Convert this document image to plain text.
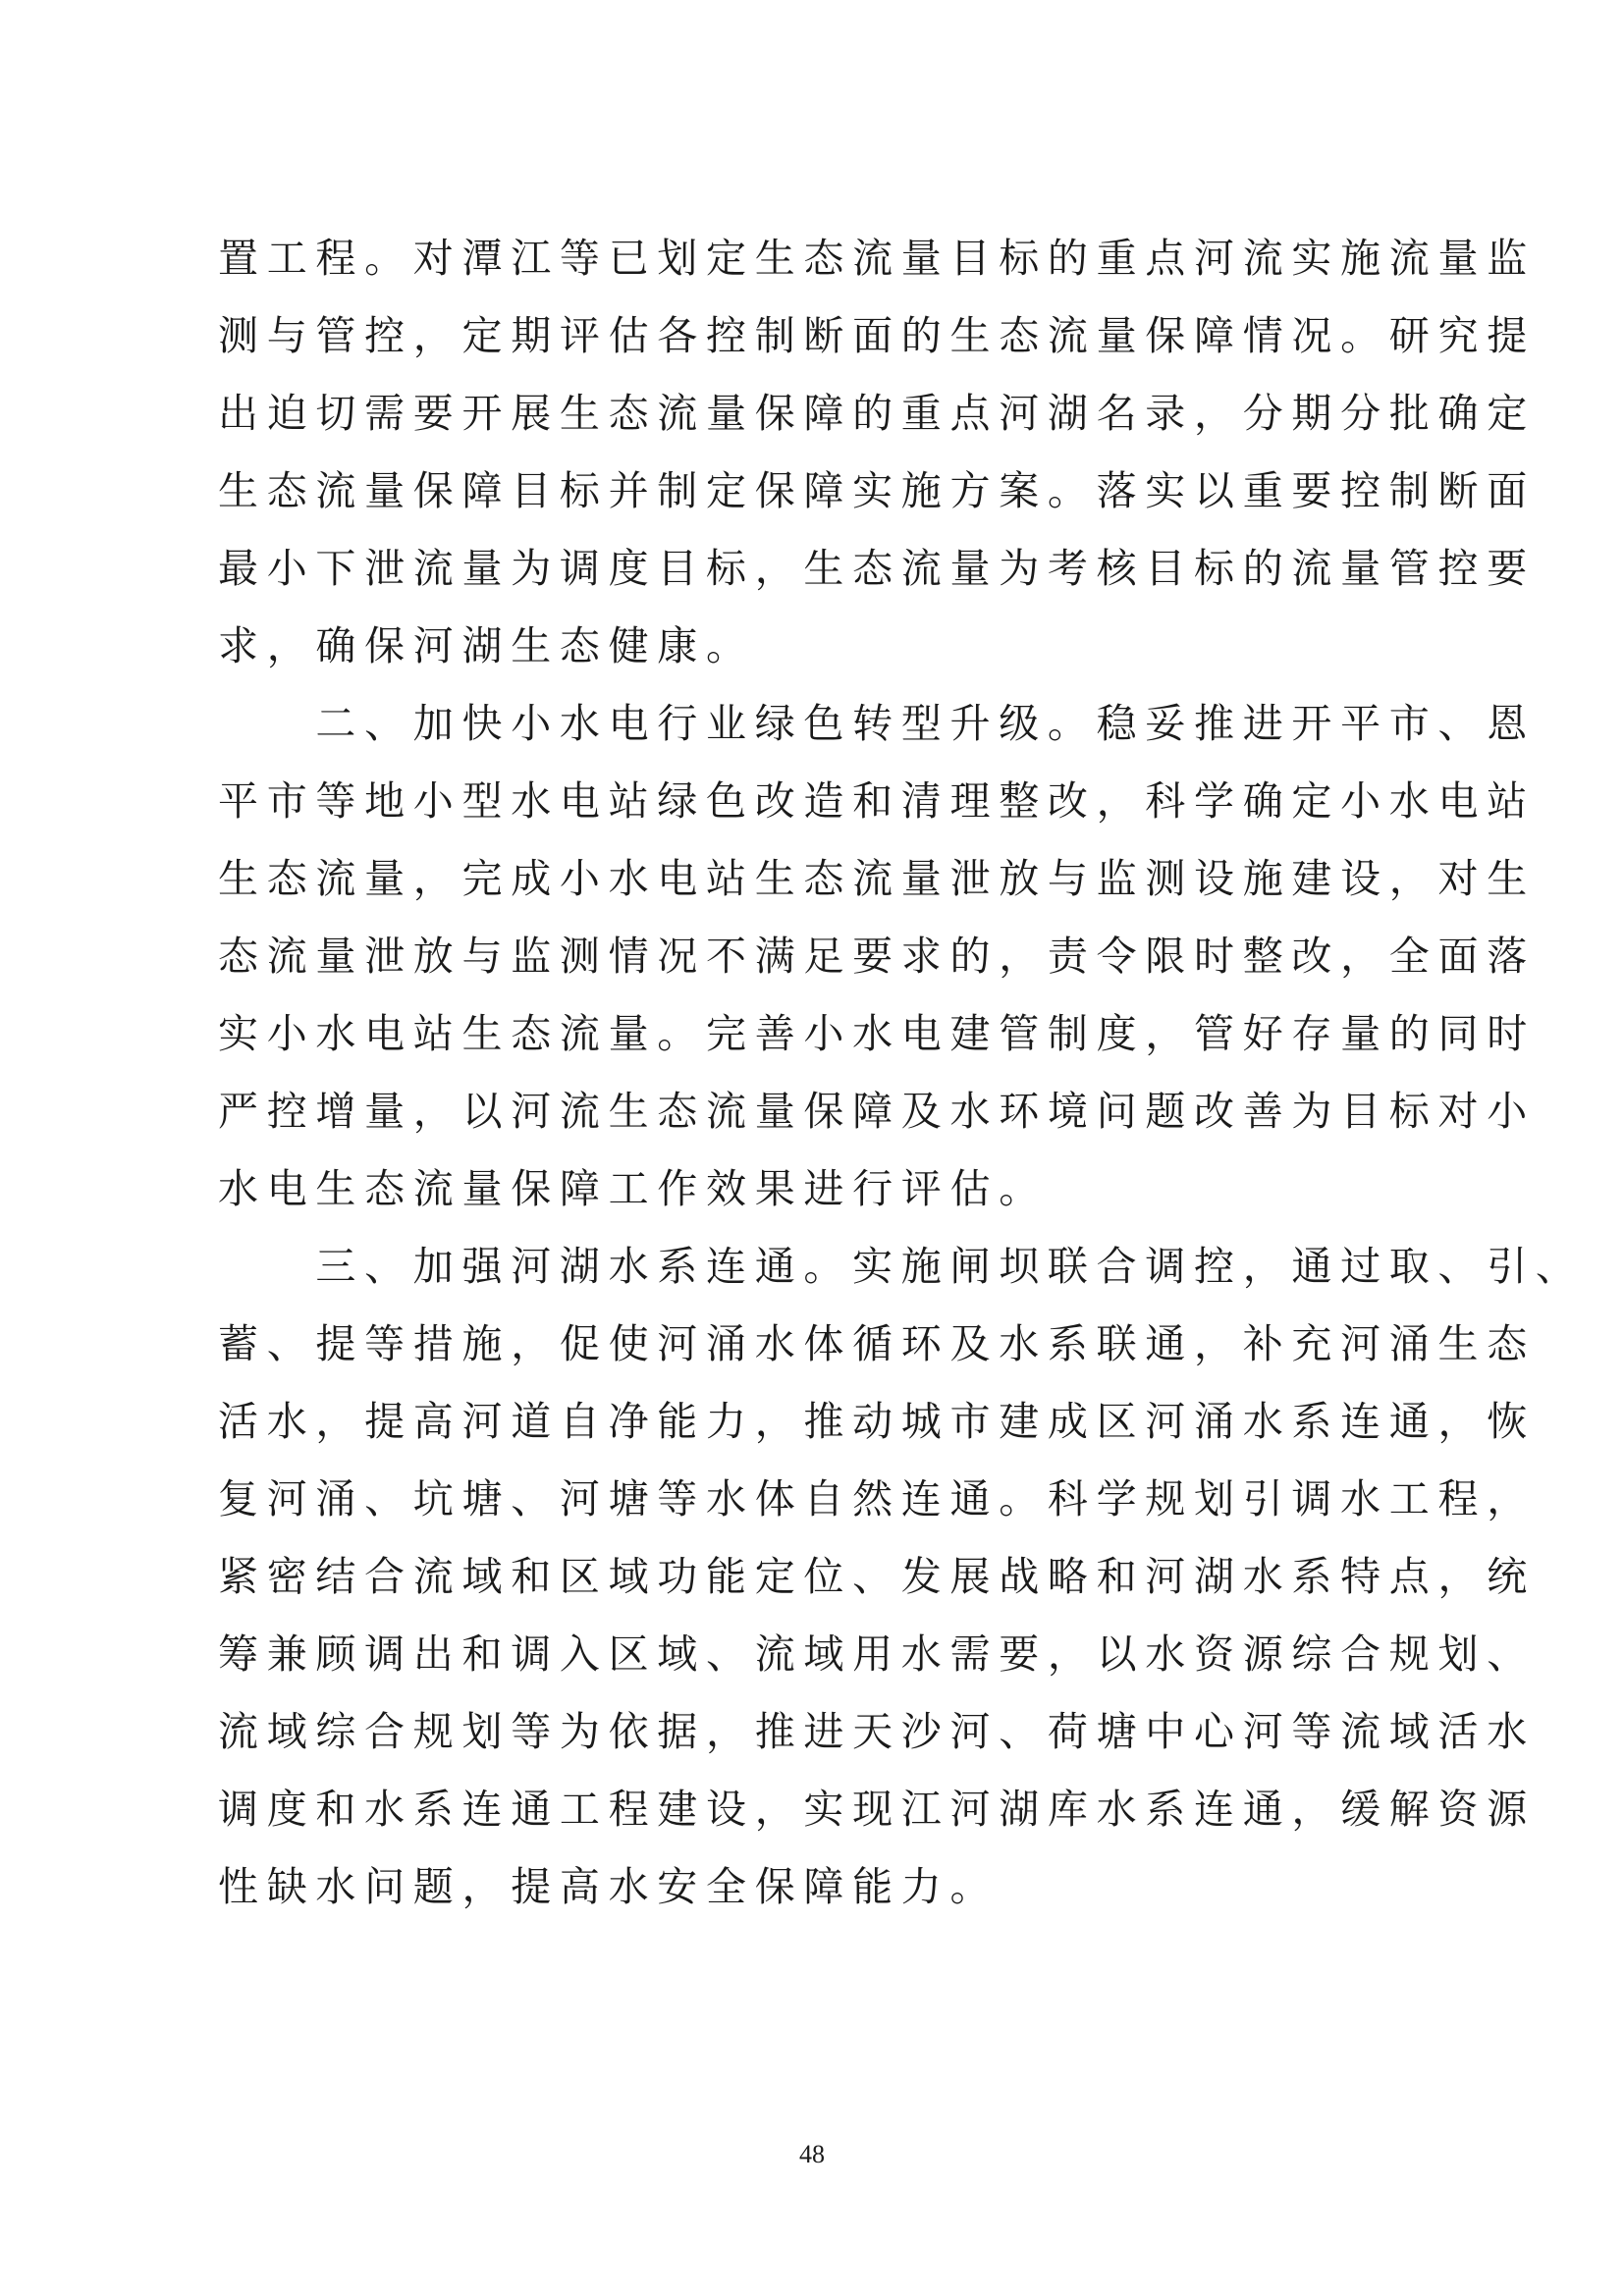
置工程。对潭江等已划定生态流量目标的重点河流实施流量监
测与管控，定期评估各控制断面的生态流量保障情况。研究提
出迫切需要开展生态流量保障的重点河湖名录，分期分批确定
生态流量保障目标并制定保障实施方案。落实以重要控制断面
最小下泄流量为调度目标，生态流量为考核目标的流量管控要
求，确保河湖生态健康。
　　二、加快小水电行业绿色转型升级。稳妥推进开平市、恩
平市等地小型水电站绿色改造和清理整改，科学确定小水电站
生态流量，完成小水电站生态流量泄放与监测设施建设，对生
态流量泄放与监测情况不满足要求的，责令限时整改，全面落
实小水电站生态流量。完善小水电建管制度，管好存量的同时
严控增量，以河流生态流量保障及水环境问题改善为目标对小
水电生态流量保障工作效果进行评估。
　　三、加强河湖水系连通。实施闸坝联合调控，通过取、引、
蓄、提等措施，促使河涌水体循环及水系联通，补充河涌生态
活水，提高河道自净能力，推动城市建成区河涌水系连通，恢
复河涌、坑塘、河塘等水体自然连通。科学规划引调水工程，
紧密结合流域和区域功能定位、发展战略和河湖水系特点，统
筹兼顾调出和调入区域、流域用水需要，以水资源综合规划、
流域综合规划等为依据，推进天沙河、荷塘中心河等流域活水
调度和水系连通工程建设，实现江河湖库水系连通，缓解资源
性缺水问题，提高水安全保障能力。
48
